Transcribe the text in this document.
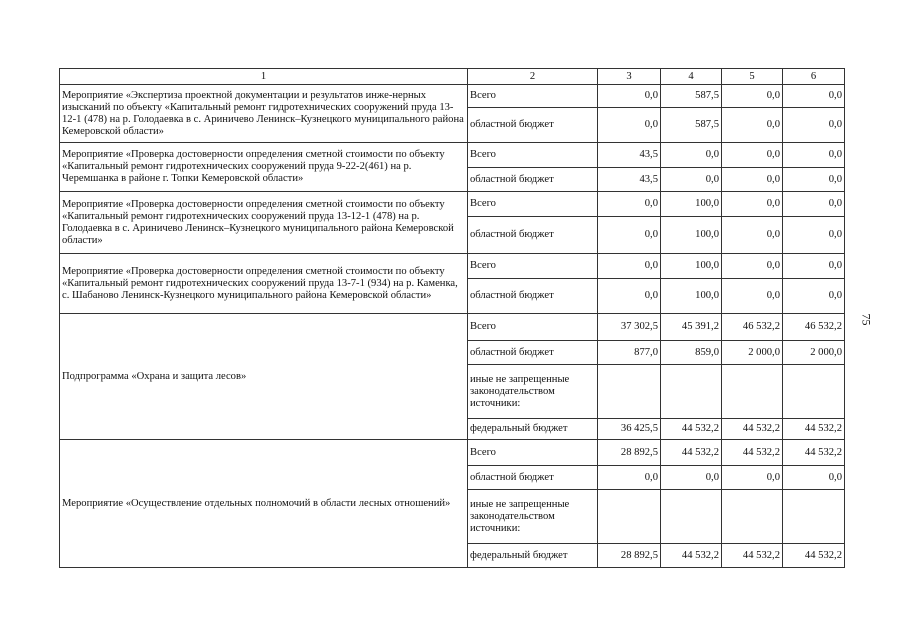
1	2	3	4	5	6
Мероприятие «Экспертиза проектной документации и результатов инже-нерных изысканий по объекту «Капитальный ремонт гидротехнических сооружений пруда 13-12-1 (478) на р. Голодаевка в с. Ариничево Ленинск–Кузнецкого муниципального района Кемеровской области»	Всего	0,0	587,5	0,0	0,0
	областной бюджет	0,0	587,5	0,0	0,0
Мероприятие «Проверка достоверности определения сметной стоимости по объекту «Капитальный ремонт гидротехнических сооружений пруда 9-22-2(461) на р. Черемшанка в районе г. Топки Кемеровской области»	Всего	43,5	0,0	0,0	0,0
	областной бюджет	43,5	0,0	0,0	0,0
Мероприятие «Проверка достоверности определения сметной стоимости по объекту «Капитальный ремонт гидротехнических сооружений пруда 13-12-1 (478) на р. Голодаевка в с. Ариничево Ленинск–Кузнецкого муниципального района Кемеровской области»	Всего	0,0	100,0	0,0	0,0
	областной бюджет	0,0	100,0	0,0	0,0
Мероприятие «Проверка достоверности определения сметной стоимости по объекту «Капитальный ремонт гидротехнических сооружений пруда 13-7-1 (934) на р. Каменка, с. Шабаново Ленинск-Кузнецкого муниципального района Кемеровской области»	Всего	0,0	100,0	0,0	0,0
	областной бюджет	0,0	100,0	0,0	0,0
Подпрограмма «Охрана и защита лесов»	Всего	37 302,5	45 391,2	46 532,2	46 532,2
	областной бюджет	877,0	859,0	2 000,0	2 000,0
	иные не запрещенные законодательством источники:				
	федеральный бюджет	36 425,5	44 532,2	44 532,2	44 532,2
Мероприятие «Осуществление отдельных полномочий в области лесных отношений»	Всего	28 892,5	44 532,2	44 532,2	44 532,2
	областной бюджет	0,0	0,0	0,0	0,0
	иные не запрещенные законодательством источники:				
	федеральный бюджет	28 892,5	44 532,2	44 532,2	44 532,2
75
